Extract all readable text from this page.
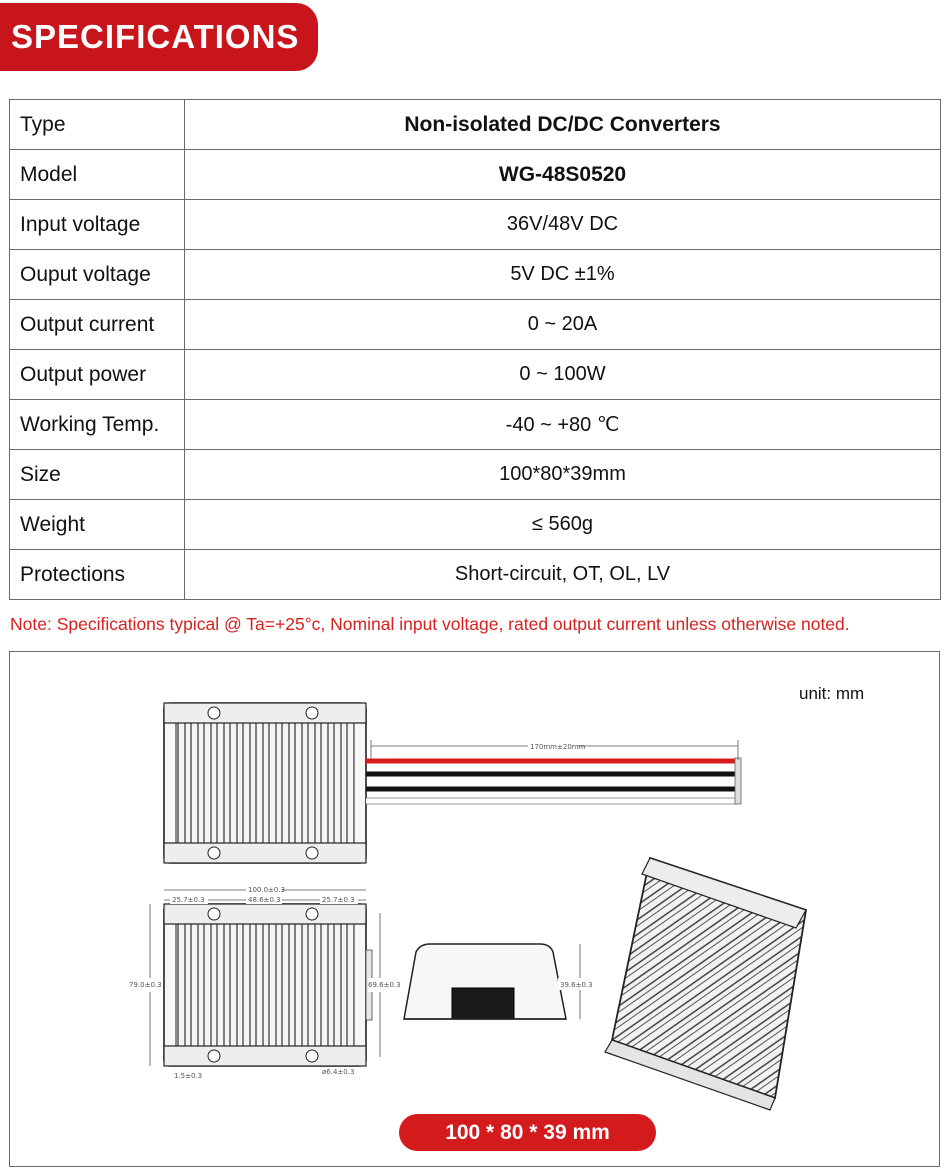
SPECIFICATIONS
Type	Non-isolated DC/DC Converters
Model	WG-48S0520
Input voltage	36V/48V DC
Ouput voltage	5V DC ±1%
Output current	0 ~ 20A
Output power	0 ~ 100W
Working Temp.	-40 ~ +80 ℃
Size	100*80*39mm
Weight	≤ 560g
Protections	Short-circuit, OT, OL, LV
Note: Specifications typical @ Ta=+25°c, Nominal input voltage, rated output current unless otherwise noted.
unit: mm
170mm±20mm
100.0±0.3
48.6±0.3
25.7±0.3	25.7±0.3
79.0±0.3	69.6±0.3
1.5±0.3	ø6.4±0.3
39.6±0.3
100 * 80 * 39 mm
